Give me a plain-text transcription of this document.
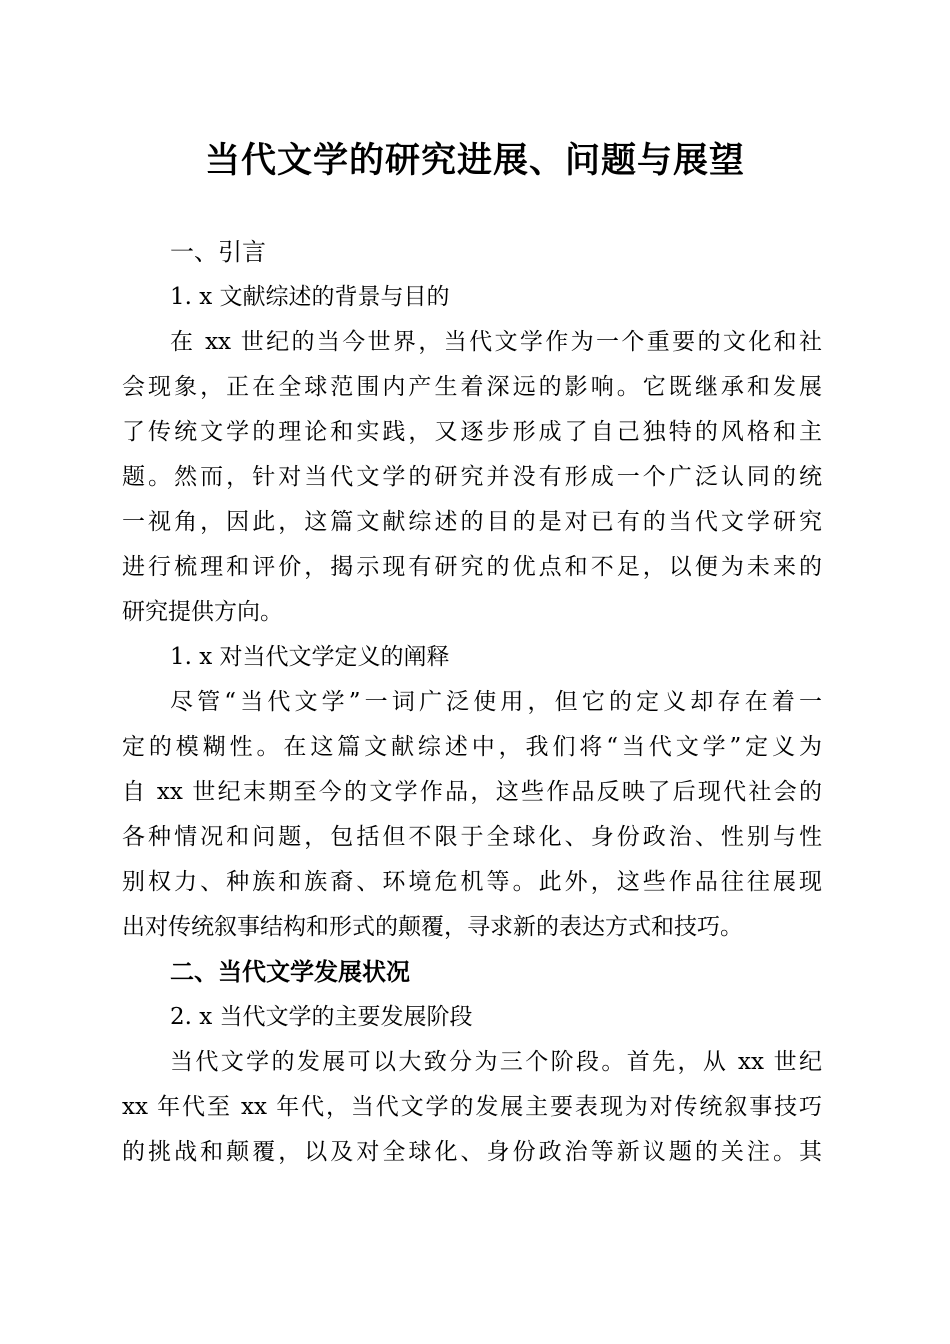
当代文学的研究进展、问题与展望
一、引言
1. x 文献综述的背景与目的

在 xx 世纪的当今世界，当代文学作为一个重要的文化和社
会现象，正在全球范围内产生着深远的影响。它既继承和发展
了传统文学的理论和实践，又逐步形成了自己独特的风格和主
题。然而，针对当代文学的研究并没有形成一个广泛认同的统
一视角，因此，这篇文献综述的目的是对已有的当代文学研究
进行梳理和评价，揭示现有研究的优点和不足，以便为未来的
研究提供方向。

1. x 对当代文学定义的阐释

尽管“当代文学”一词广泛使用，但它的定义却存在着一
定的模糊性。在这篇文献综述中，我们将“当代文学”定义为
自 xx 世纪末期至今的文学作品，这些作品反映了后现代社会的
各种情况和问题，包括但不限于全球化、身份政治、性别与性
别权力、种族和族裔、环境危机等。此外，这些作品往往展现
出对传统叙事结构和形式的颠覆，寻求新的表达方式和技巧。

二、当代文学发展状况
2. x 当代文学的主要发展阶段

当代文学的发展可以大致分为三个阶段。首先，从 xx 世纪
xx 年代至 xx 年代，当代文学的发展主要表现为对传统叙事技巧
的挑战和颠覆，以及对全球化、身份政治等新议题的关注。其
